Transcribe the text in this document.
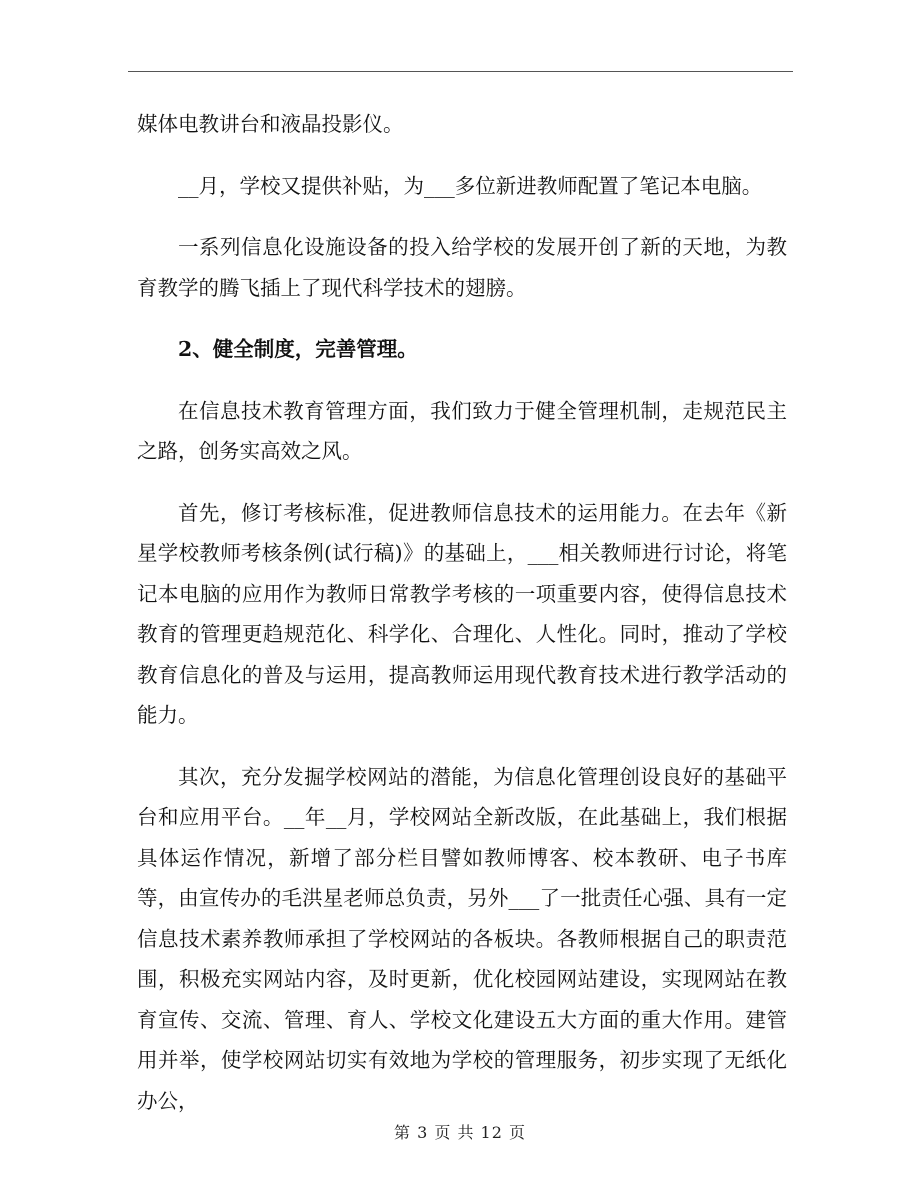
媒体电教讲台和液晶投影仪。

__月，学校又提供补贴，为___多位新进教师配置了笔记本电脑。

一系列信息化设施设备的投入给学校的发展开创了新的天地，为教育教学的腾飞插上了现代科学技术的翅膀。

2、健全制度，完善管理。

在信息技术教育管理方面，我们致力于健全管理机制，走规范民主之路，创务实高效之风。

首先，修订考核标准，促进教师信息技术的运用能力。在去年《新星学校教师考核条例(试行稿)》的基础上，___相关教师进行讨论，将笔记本电脑的应用作为教师日常教学考核的一项重要内容，使得信息技术教育的管理更趋规范化、科学化、合理化、人性化。同时，推动了学校教育信息化的普及与运用，提高教师运用现代教育技术进行教学活动的能力。

其次，充分发掘学校网站的潜能，为信息化管理创设良好的基础平台和应用平台。__年__月，学校网站全新改版，在此基础上，我们根据具体运作情况，新增了部分栏目譬如教师博客、校本教研、电子书库等，由宣传办的毛洪星老师总负责，另外___了一批责任心强、具有一定信息技术素养教师承担了学校网站的各板块。各教师根据自己的职责范围，积极充实网站内容，及时更新，优化校园网站建设，实现网站在教育宣传、交流、管理、育人、学校文化建设五大方面的重大作用。建管用并举，使学校网站切实有效地为学校的管理服务，初步实现了无纸化办公，

第 3 页 共 12 页
